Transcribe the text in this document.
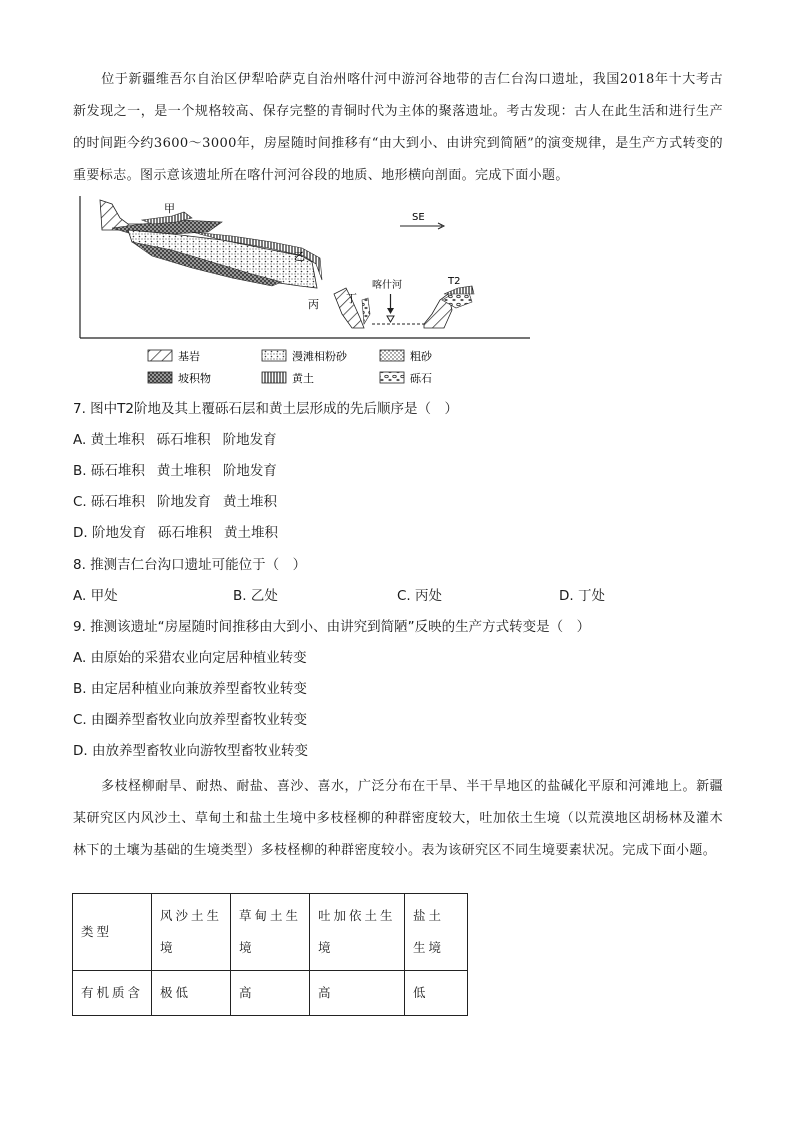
位于新疆维吾尔自治区伊犁哈萨克自治州喀什河中游河谷地带的吉仁台沟口遗址，我国2018年十大考古新发现之一，是一个规格较高、保存完整的青铜时代为主体的聚落遗址。考古发现：古人在此生活和进行生产的时间距今约3600～3000年，房屋随时间推移有“由大到小、由讲究到简陋”的演变规律，是生产方式转变的重要标志。图示意该遗址所在喀什河河谷段的地质、地形横向剖面。完成下面小题。

SE
甲
乙
丙 丁
喀什河	T2
基岩	漫滩相粉砂	粗砂
坡积物	黄土	砾石

7. 图中T2阶地及其上覆砾石层和黄土层形成的先后顺序是（　）

A. 黄土堆积 砾石堆积 阶地发育

B. 砾石堆积 黄土堆积 阶地发育

C. 砾石堆积 阶地发育 黄土堆积

D. 阶地发育 砾石堆积 黄土堆积

8. 推测吉仁台沟口遗址可能位于（　）

A. 甲处	B. 乙处	C. 丙处	D. 丁处

9. 推测该遗址“房屋随时间推移由大到小、由讲究到简陋”反映的生产方式转变是（　）

A. 由原始的采猎农业向定居种植业转变

B. 由定居种植业向兼放养型畜牧业转变

C. 由圈养型畜牧业向放养型畜牧业转变

D. 由放养型畜牧业向游牧型畜牧业转变

多枝柽柳耐旱、耐热、耐盐、喜沙、喜水，广泛分布在干旱、半干旱地区的盐碱化平原和河滩地上。新疆某研究区内风沙土、草甸土和盐土生境中多枝柽柳的种群密度较大，吐加依土生境（以荒漠地区胡杨林及灌木林下的土壤为基础的生境类型）多枝柽柳的种群密度较小。表为该研究区不同生境要素状况。完成下面小题。

类型	风沙土生境	草甸土生境	吐加依土生境	盐土生境
有机质含	极低	高	高	低
